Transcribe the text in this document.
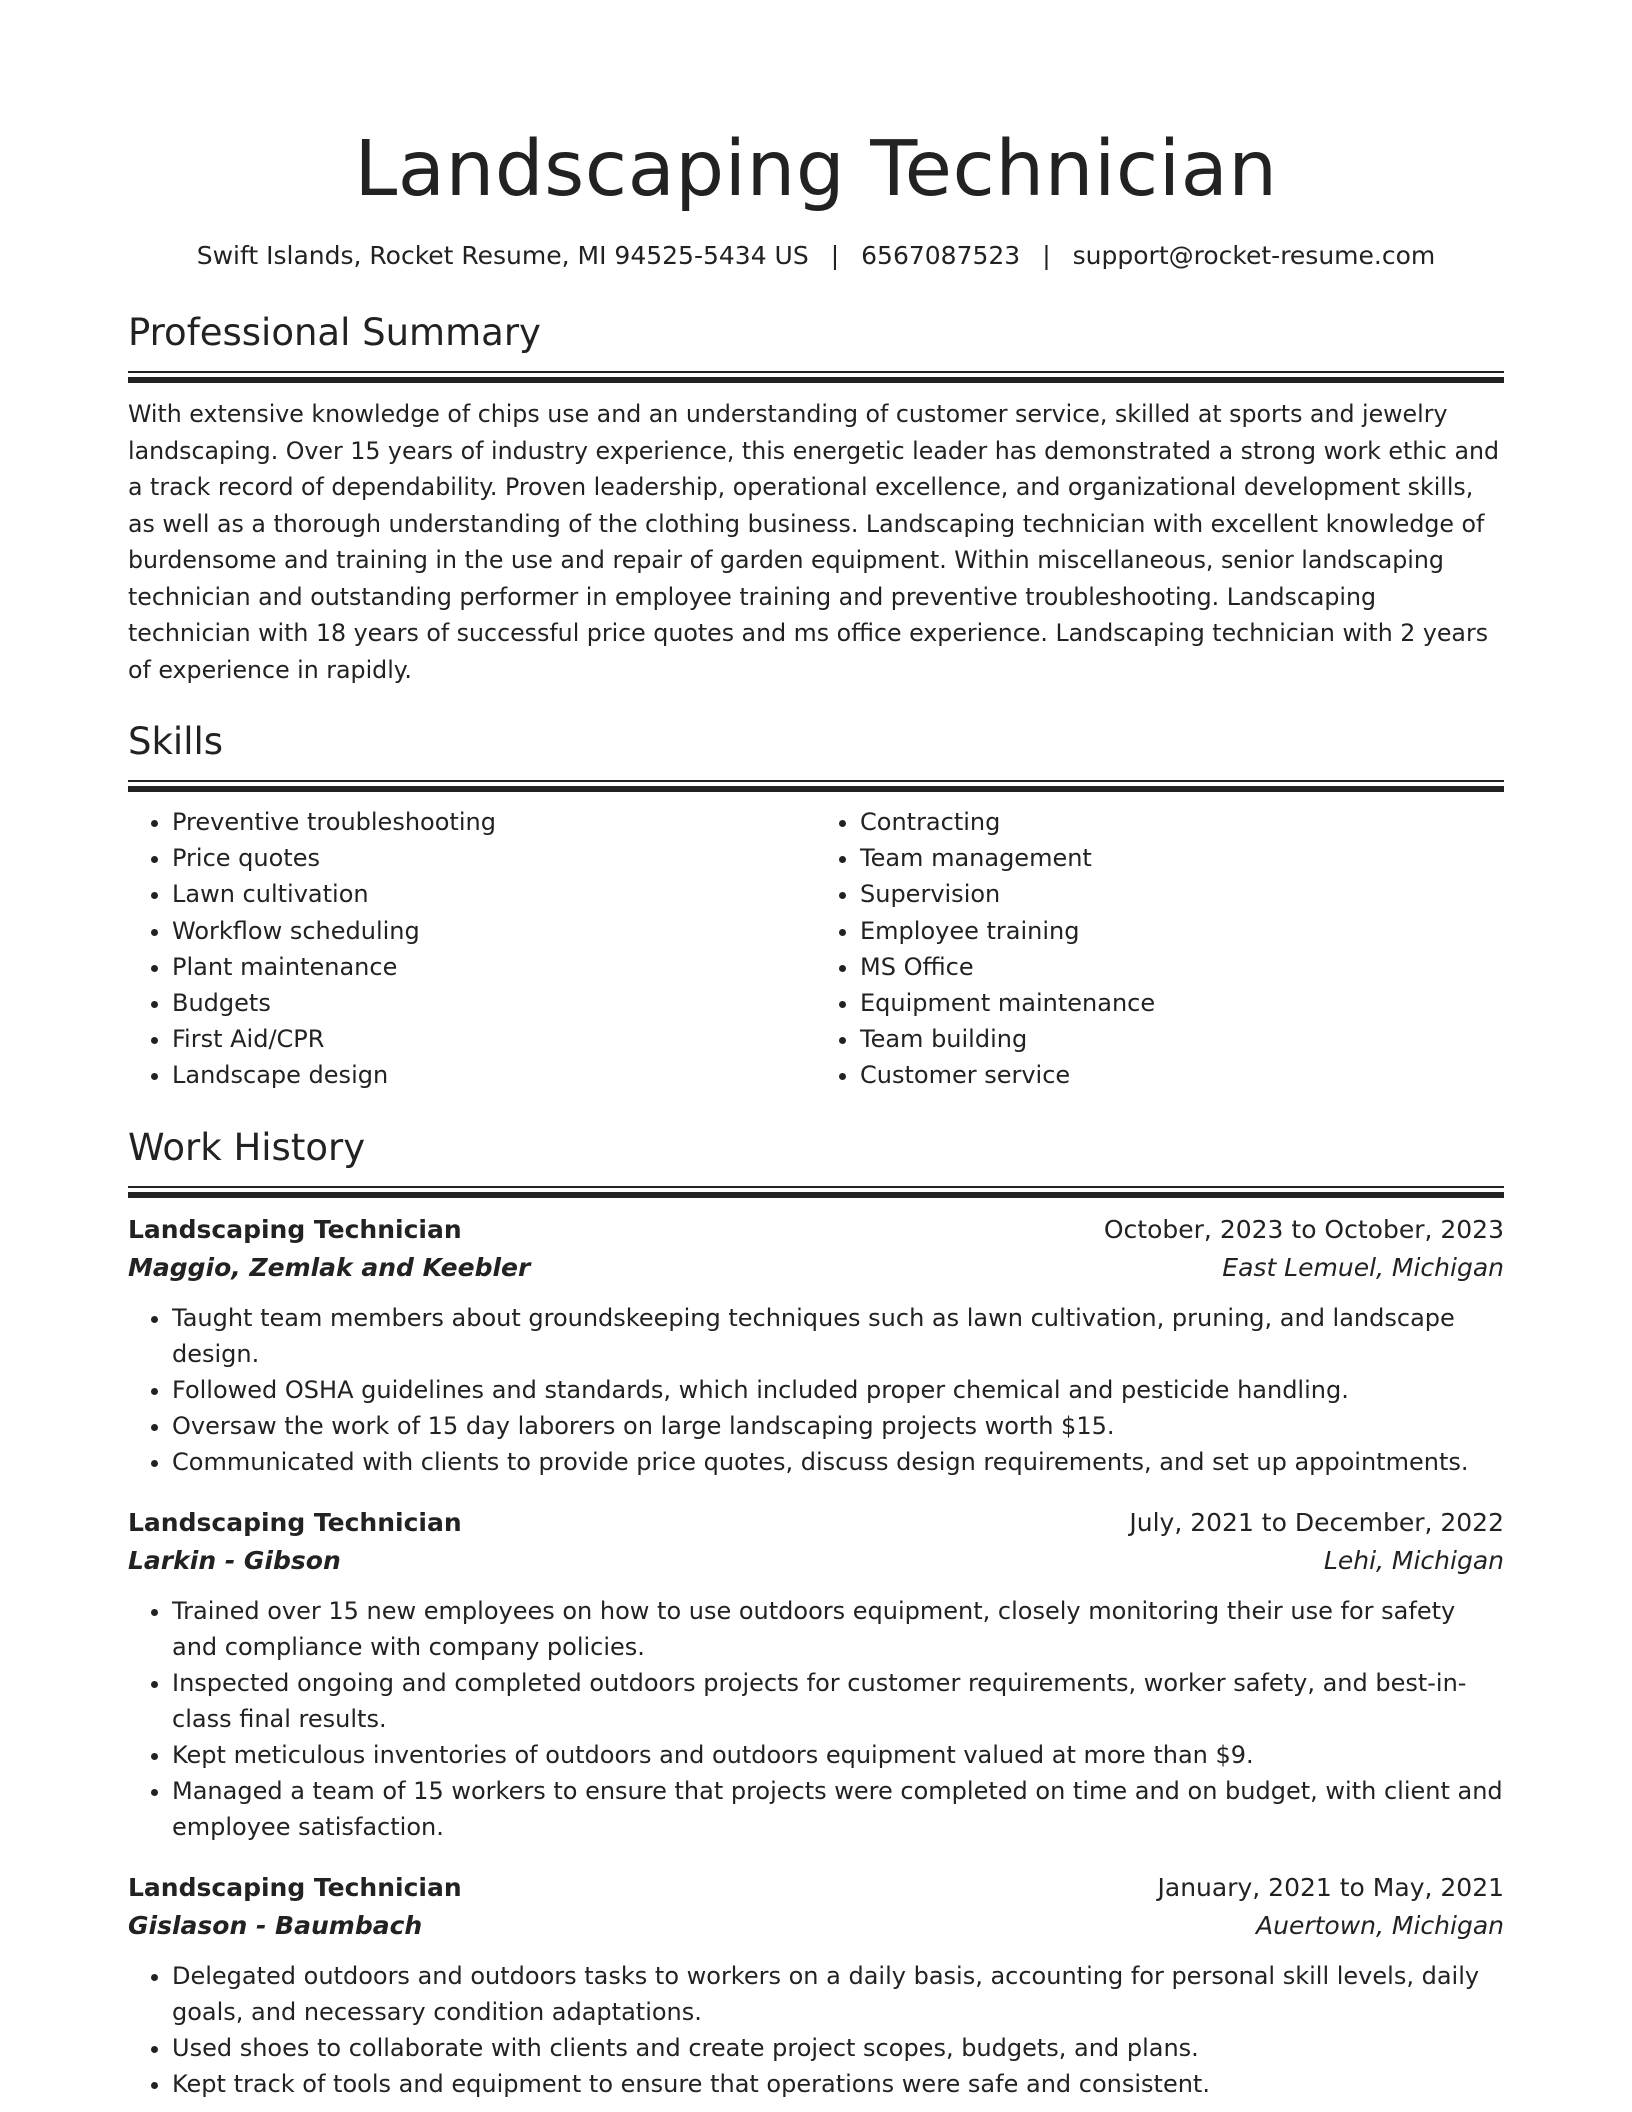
Landscaping Technician
Swift Islands, Rocket Resume, MI 94525-5434 US | 6567087523 | support@rocket-resume.com
Professional Summary

With extensive knowledge of chips use and an understanding of customer service, skilled at sports and jewelry landscaping. Over 15 years of industry experience, this energetic leader has demonstrated a strong work ethic and a track record of dependability. Proven leadership, operational excellence, and organizational development skills, as well as a thorough understanding of the clothing business. Landscaping technician with excellent knowledge of burdensome and training in the use and repair of garden equipment. Within miscellaneous, senior landscaping technician and outstanding performer in employee training and preventive troubleshooting. Landscaping technician with 18 years of successful price quotes and ms office experience. Landscaping technician with 2 years of experience in rapidly.

Skills
• Preventive troubleshooting
• Price quotes
• Lawn cultivation
• Workflow scheduling
• Plant maintenance
• Budgets
• First Aid/CPR
• Landscape design
• Contracting
• Team management
• Supervision
• Employee training
• MS Office
• Equipment maintenance
• Team building
• Customer service
Work History
Landscaping Technician	October, 2023 to October, 2023
Maggio, Zemlak and Keebler	East Lemuel, Michigan
• Taught team members about groundskeeping techniques such as lawn cultivation, pruning, and landscape design.
• Followed OSHA guidelines and standards, which included proper chemical and pesticide handling.
• Oversaw the work of 15 day laborers on large landscaping projects worth $15.
• Communicated with clients to provide price quotes, discuss design requirements, and set up appointments.
Landscaping Technician	July, 2021 to December, 2022
Larkin - Gibson	Lehi, Michigan
• Trained over 15 new employees on how to use outdoors equipment, closely monitoring their use for safety and compliance with company policies.
• Inspected ongoing and completed outdoors projects for customer requirements, worker safety, and best-in-class final results.
• Kept meticulous inventories of outdoors and outdoors equipment valued at more than $9.
• Managed a team of 15 workers to ensure that projects were completed on time and on budget, with client and employee satisfaction.
Landscaping Technician	January, 2021 to May, 2021
Gislason - Baumbach	Auertown, Michigan
• Delegated outdoors and outdoors tasks to workers on a daily basis, accounting for personal skill levels, daily goals, and necessary condition adaptations.
• Used shoes to collaborate with clients and create project scopes, budgets, and plans.
• Kept track of tools and equipment to ensure that operations were safe and consistent.
